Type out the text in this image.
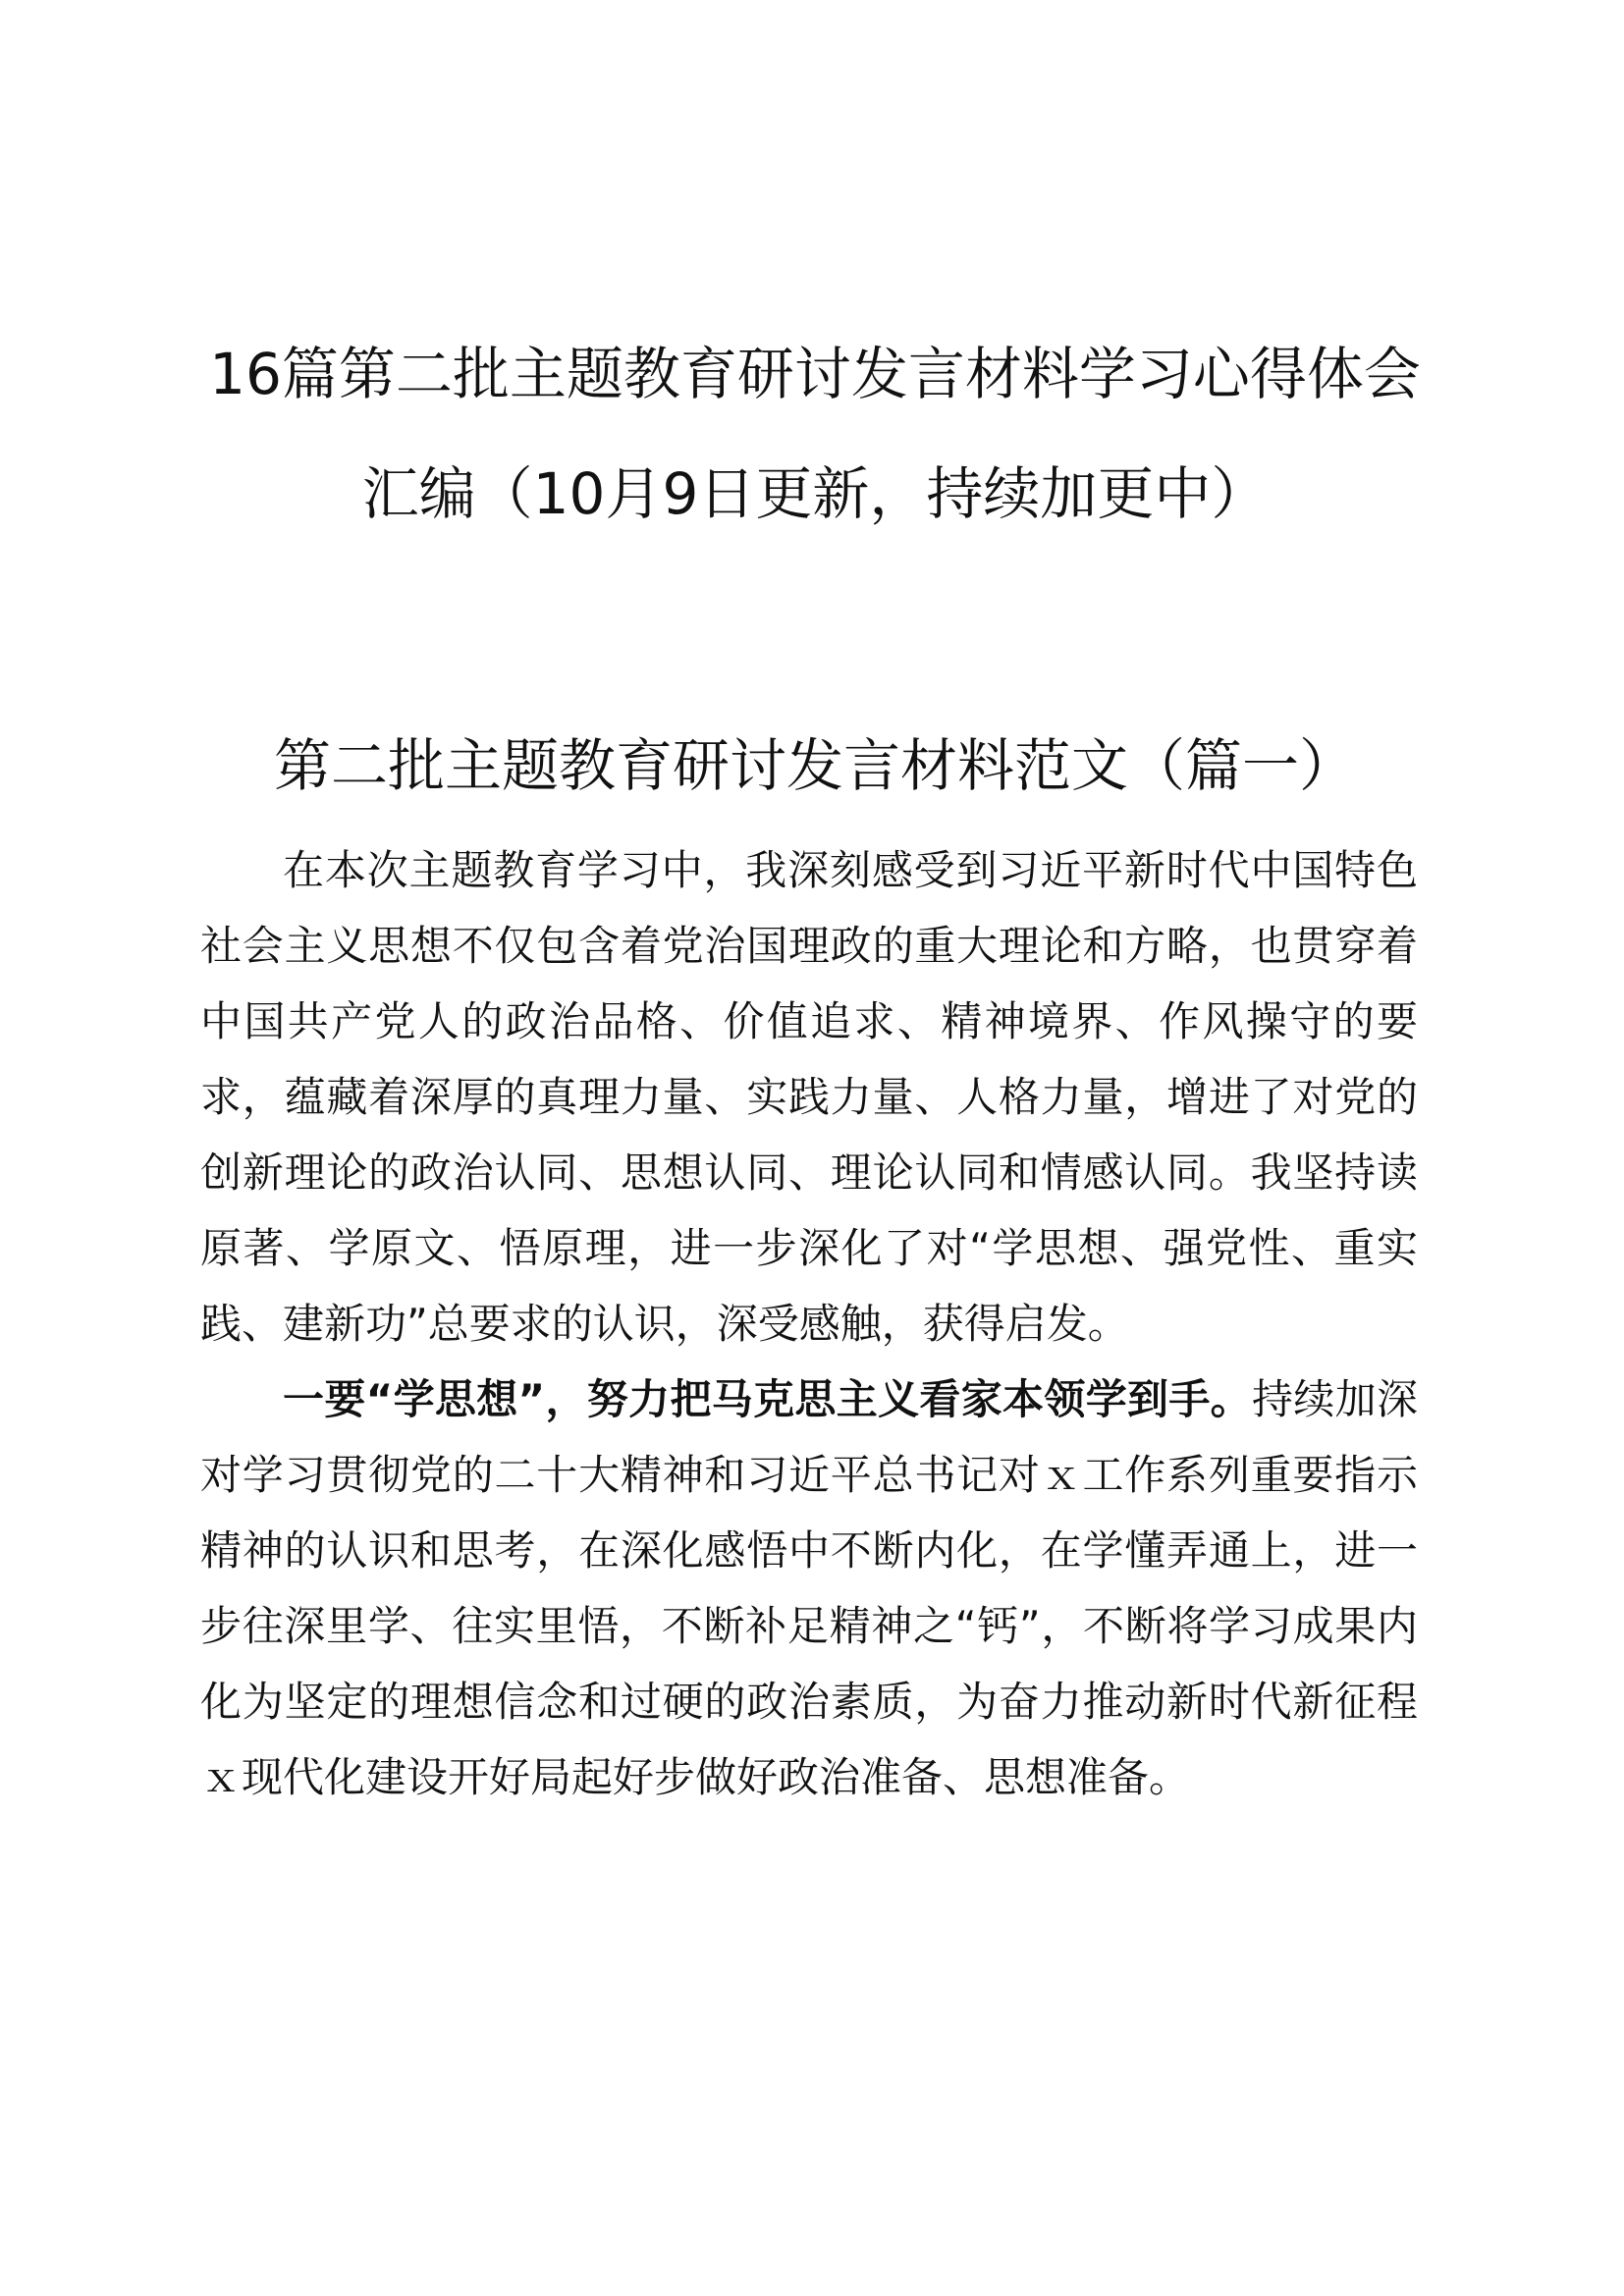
16篇第二批主题教育研讨发言材料学习心得体会汇编（10月9日更新，持续加更中）
第二批主题教育研讨发言材料范文（篇一）

在本次主题教育学习中，我深刻感受到习近平新时代中国特色社会主义思想不仅包含着党治国理政的重大理论和方略，也贯穿着中国共产党人的政治品格、价值追求、精神境界、作风操守的要求，蕴藏着深厚的真理力量、实践力量、人格力量，增进了对党的创新理论的政治认同、思想认同、理论认同和情感认同。我坚持读原著、学原文、悟原理，进一步深化了对“学思想、强党性、重实践、建新功”总要求的认识，深受感触，获得启发。

一要“学思想”，努力把马克思主义看家本领学到手。持续加深对学习贯彻党的二十大精神和习近平总书记对ｘ工作系列重要指示精神的认识和思考，在深化感悟中不断内化，在学懂弄通上，进一步往深里学、往实里悟，不断补足精神之“钙”，不断将学习成果内化为坚定的理想信念和过硬的政治素质，为奋力推动新时代新征程ｘ现代化建设开好局起好步做好政治准备、思想准备。
